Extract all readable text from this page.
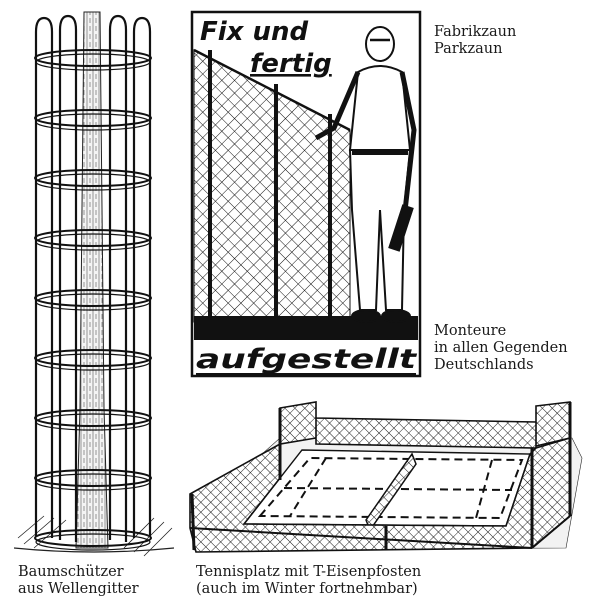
Fix und
fertig
aufgestellt
Fabrikzaun
Parkzaun
Monteure
in allen Gegenden
Deutschlands
Baumschützer
aus Wellengitter
Tennisplatz mit T-Eisenpfosten
(auch im Winter fortnehmbar)
